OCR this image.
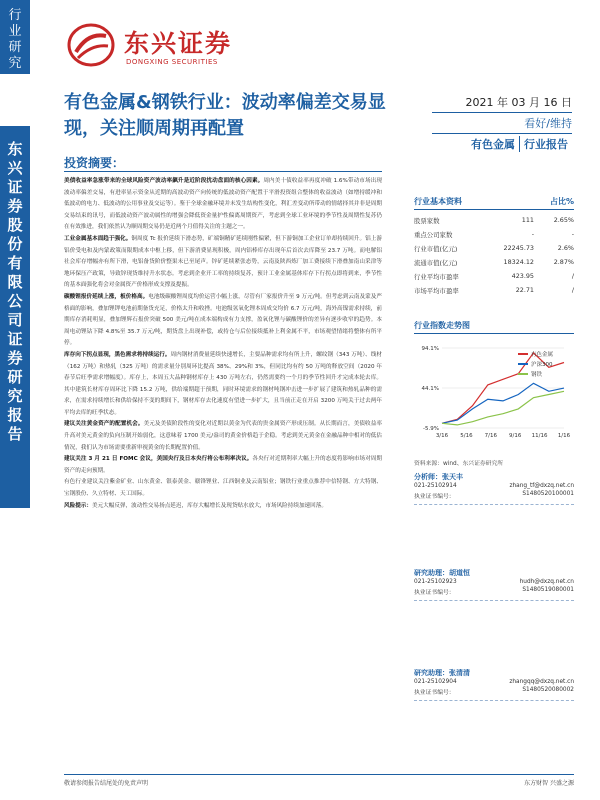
行业研究
东兴证券股份有限公司证券研究报告
东兴证券
DONGXING SECURITIES
有色金属&钢铁行业：波动率偏差交易显现，关注顺周期再配置
2021 年 03 月 16 日
看好/维持
有色金属 行业报告
投资摘要：

美债收益率急涨带来的全球风险资产波动率飙升是近阶段扰动盘面的核心因素。周内美十债收益率再度冲破 1.6%带动市场出现波动率偏差交易，有进率显示资金从近期的高波动资产向传统的低波动资产配置于平滑投资组合整体的收益波动（如增持缓冲和低波动的电力、低波动的公用事业及交运等）。鉴于全球金融环境并未发生结构性变化，利汇差变动所带动的情绪择其并非是周期交易结束的讯号，而低波动资产波动属性的增强会降低资金量护性偏离周期资产，考虑到全球工业环境的季节性及周期性复苏仍在有效推进，我们依然认为顺周期交易仍是近两个月值得关注的主题之一。

工业金属基本面趋于强化。铜周度 Tc 报价延续下滑态势，矿端铜精矿延续刚性偏紧，但下游铜加工企业订单却持续回升。铝上游铝价受电和及内蒙政策而限期成本中枢上移，但下游消费显现积极，周内铝棒库存出现年后首次去库降至 23.7 万吨。而电解铝社会库存增幅亦有所下滑，电铝备货阶价整果未已至尾声。锌矿延续紧张态势，云南及陕西炼厂加工费接续下滑叠加南山采津等地环保压产政策，导致锌现货维持升水状态。考虑到企业开工率的持续复苏，预计工业金属基体库存下行拐点即将到来，季节性的基本面强化将会对金属资产价格形成支撑及提振。

碳酸锂报价延续上涨，板价格高。电池级碳酸锂周度均价运营小幅上涨，尽管有厂家报价升至 9 万元/吨。但考虑到云南及蒙及严格面的影响，叠加锂钾电池前期备货充足，价格太升和收挫。电池级氢氧化锂本周成交均价 6.7 万元/吨，海外高镍需求持续，前期库存消耗明显，叠加锂辉石报价突破 500 美元/吨在成本端构成有力支撑，盈氧化锂与碳酸锂价的差异有逐步收窄的趋势。本周电动锂钴下降 4.8%至 35.7 万元/吨，期货盘上出现补偿，或持仓与后位接续抵补上利金属不平，市场观望情绪将整体有所平停。

库存向下拐点显现，黑色需求将持续运行。周内钢材消费量延续快速增长，主要品种需求均有所上升，螺纹钢（343 万吨）、线材（162 万吨）和热轧（325 万吨）的需求量分别周环比提高 38%、29%和 3%，但同比均有约 50 万吨的释放空间（2020 年春节后旺季需求增幅度）。库存上，本周五大品种钢材库存上 430 万吨左右，仍然需要约一个月的季节性回升才完成本轮去库。其中建筑长材库存周环比下降 15.2 万吨，供给端期超于预期，同时环境需求的钢材吨钢冲击进一步扩展了建筑和热轧品种的需求，在需求持续增长和供给保持不变的期间下，钢材库存去化速度有望进一步扩大，且当前正走在开启 3200 万吨关于过去两年平均去库的旺季状态。

建议关注黄金资产的配置机会。美元及美债阶段性的变化对近期以黄金为代表的贵金属资产形成压制。从长期而言，美债收益率升高对美元黄金的负向压制开始弱化，这意味着 1700 美元/盎司的黄金价格趋于企稳。考虑到美元黄金在金融品种中相对的低估情况，我们认为市场需要重新审视黄金的长期配置价值。

建议关注 3 月 21 日 FOMC 会议，美国央行及日本央行将公布利率决议。各央行对近期利率大幅上升的态度将影响市场对周期资产的走向预期。

有色行业建议关注紫金矿业、山东黄金、银泰黄金、赣锋锂业、江西铜业及云南铝业；钢铁行业重点推荐中信特钢、方大特钢、宝钢股份、久立特材、天工国际。

风险提示：美元大幅反弹，波动性交易扬点延迟，库存大幅增长及现货贴水放大，市场风险持续加速回落。

行业基本资料	占比%
股票家数	111	2.65%
重点公司家数	-	-
行业市值(亿元)	22245.73	2.6%
流通市值(亿元)	18324.12	2.87%
行业平均市盈率	423.95	/
市场平均市盈率	22.71	/
行业指数走势图
94.1%
44.1%
-5.9%
3/16 5/16 7/16 9/16 11/16 1/16
有色金属
沪深300
钢铁
资料来源：wind、东兴证券研究所
分析师：张天丰
021-25102914	zhang_tf@dxzq.net.cn
执业证书编号：	S1480520100001
研究助理：胡道恒
021-25102923	hudh@dxzq.net.cn
执业证书编号：	S1480519080001
研究助理：张清清
021-25102904	zhangqq@dxzq.net.cn
执业证书编号：	S1480520080002
敬请参阅报告结尾处的免责声明	东方财智 兴盛之源
